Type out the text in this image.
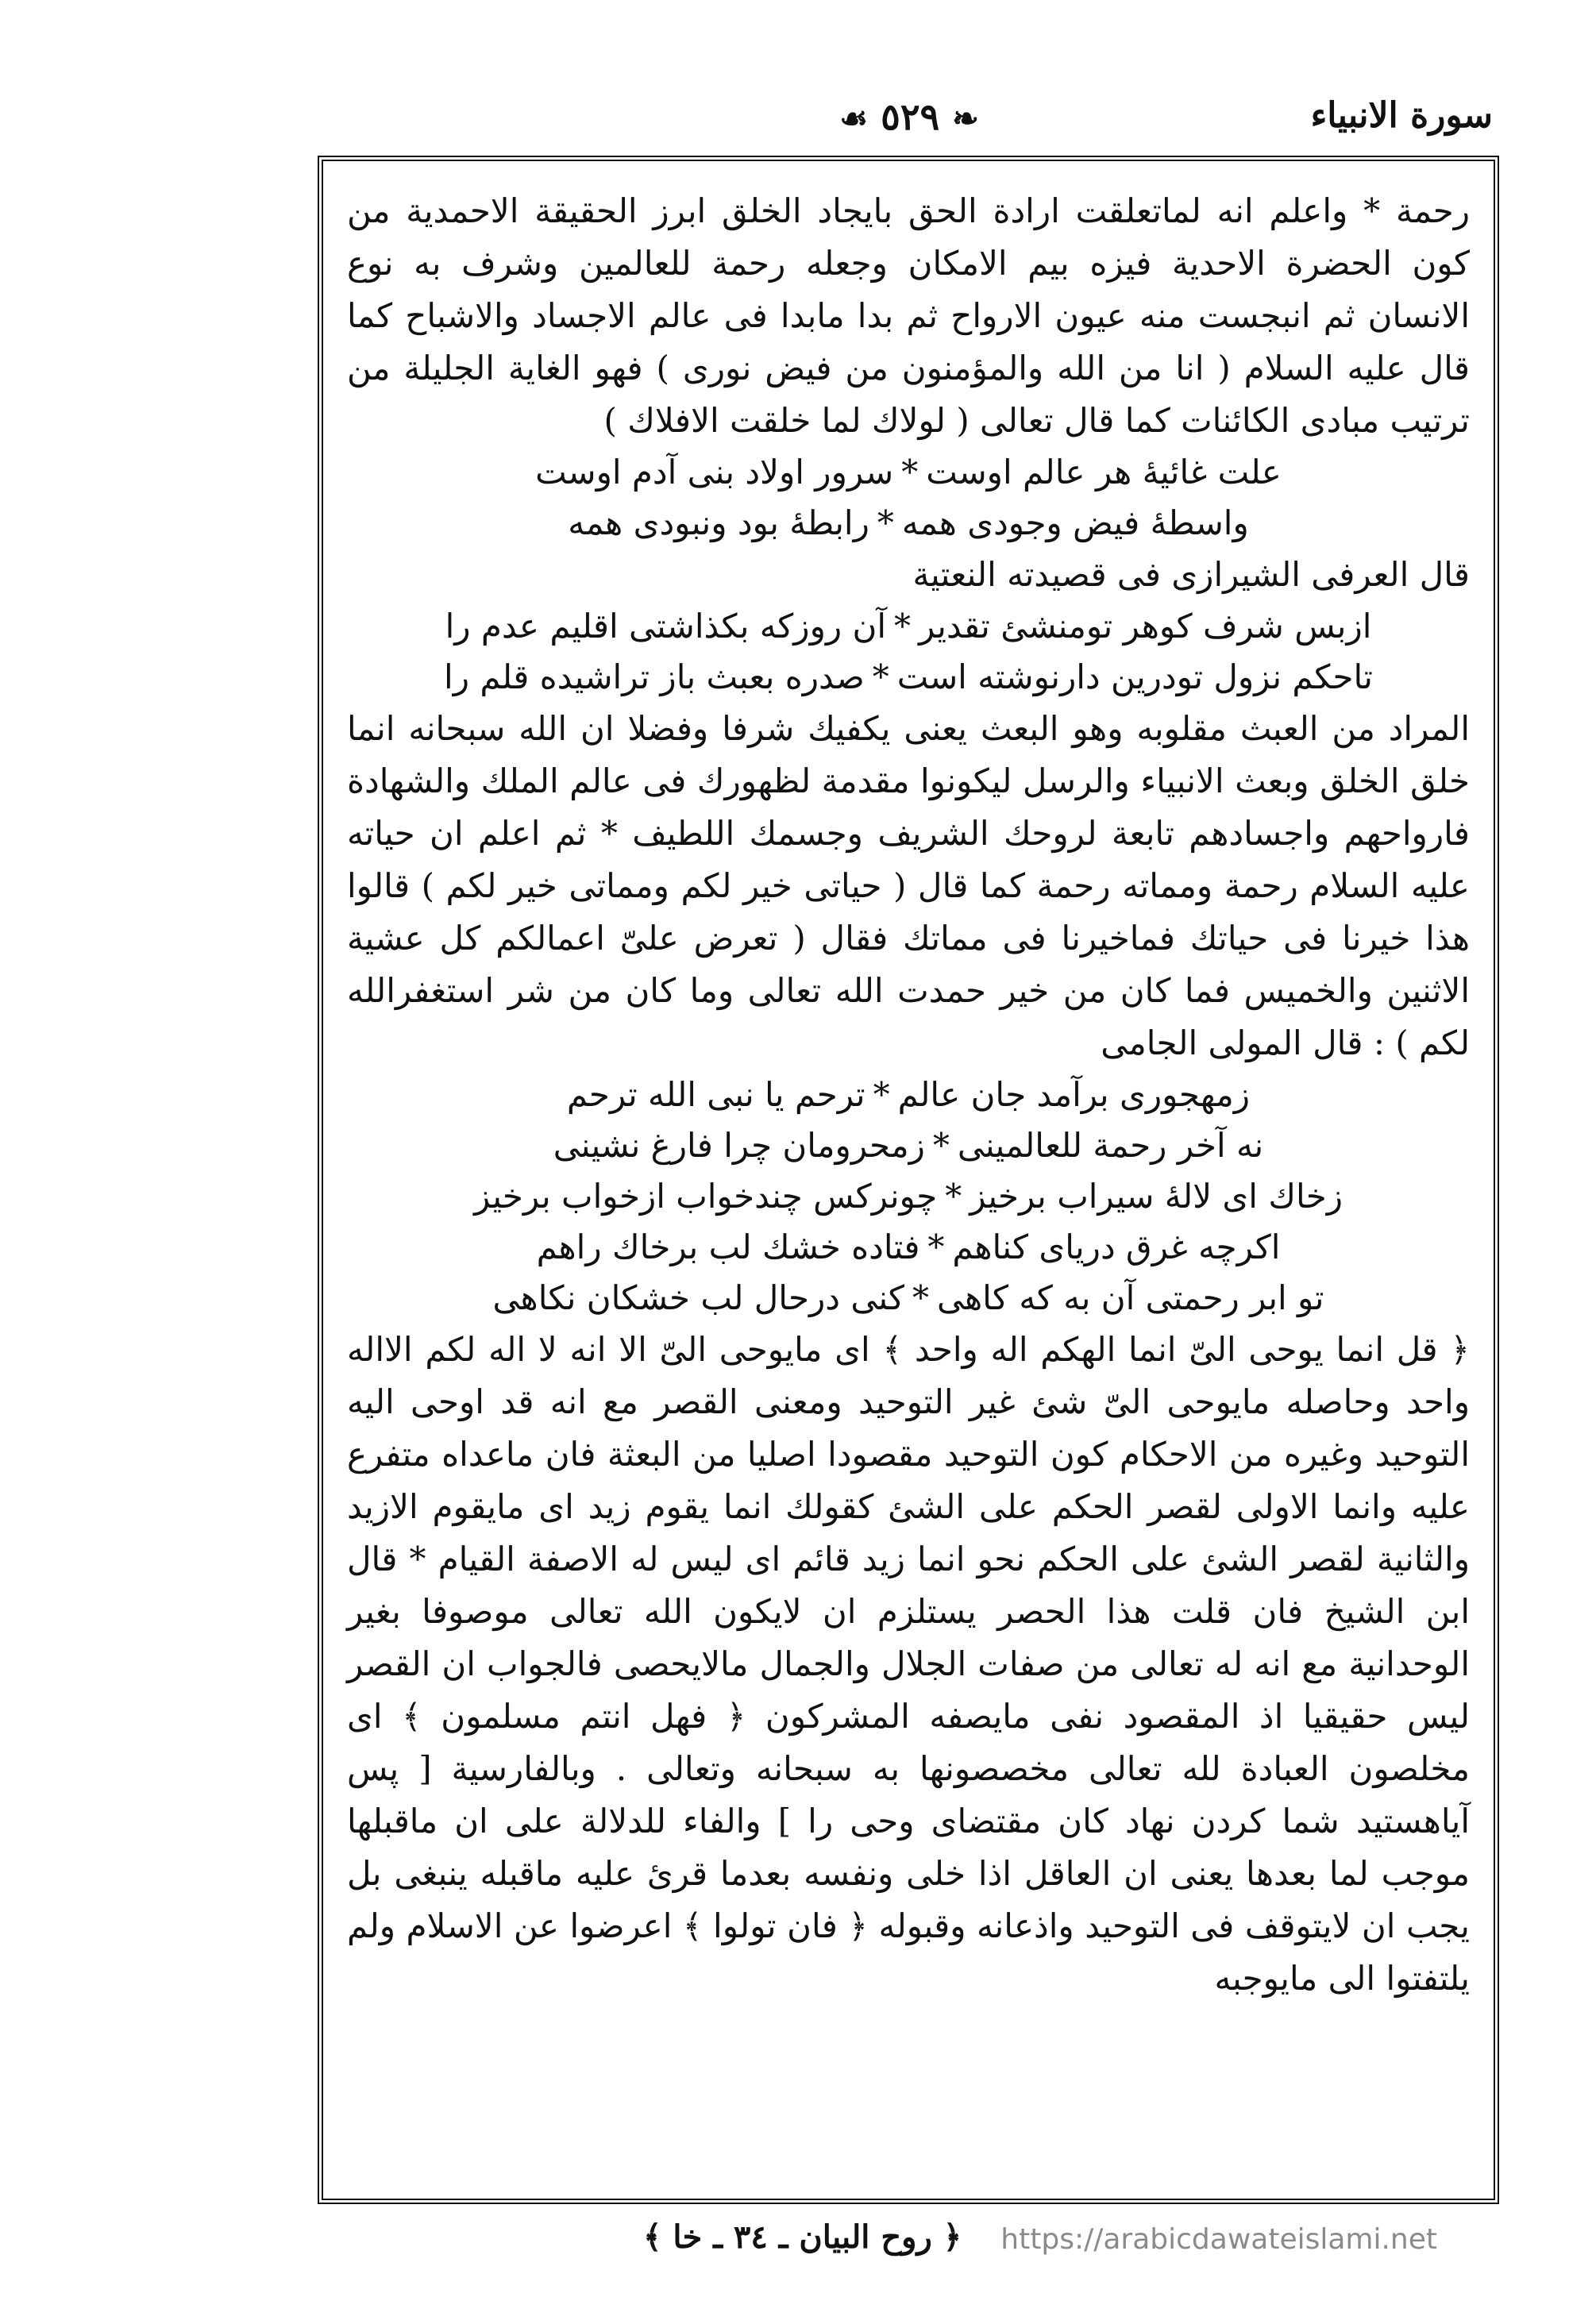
سورة الانبياء
❧ ٥٢٩ ☙

رحمة * واعلم انه لماتعلقت ارادة الحق بايجاد الخلق ابرز الحقيقة الاحمدية من كون الحضرة الاحدية فيزه بيم الامكان وجعله رحمة للعالمين وشرف به نوع الانسان ثم انبجست منه عيون الارواح ثم بدا مابدا فى عالم الاجساد والاشباح كما قال عليه السلام ( انا من الله والمؤمنون من فيض نورى ) فهو الغاية الجليلة من ترتيب مبادى الكائنات كما قال تعالى ( لولاك لما خلقت الافلاك )

علت غائيهٔ هر عالم اوست*سرور اولاد بنى آدم اوست
واسطهٔ فيض وجودى همه*رابطهٔ بود ونبودى همه

قال العرفى الشيرازى فى قصيدته النعتية

ازبس شرف كوهر تومنشئ تقدير*آن روزكه بكذاشتى اقليم عدم را
تاحكم نزول تودرين دارنوشته است*صدره بعبث باز تراشيده قلم را

المراد من العبث مقلوبه وهو البعث يعنى يكفيك شرفا وفضلا ان الله سبحانه انما خلق الخلق وبعث الانبياء والرسل ليكونوا مقدمة لظهورك فى عالم الملك والشهادة فارواحهم واجسادهم تابعة لروحك الشريف وجسمك اللطيف * ثم اعلم ان حياته عليه السلام رحمة ومماته رحمة كما قال ( حياتى خير لكم ومماتى خير لكم ) قالوا هذا خيرنا فى حياتك فماخيرنا فى مماتك فقال ( تعرض علىّ اعمالكم كل عشية الاثنين والخميس فما كان من خير حمدت الله تعالى وما كان من شر استغفرالله لكم ) : قال المولى الجامى

زمهجورى برآمد جان عالم*ترحم يا نبى الله ترحم
نه آخر رحمة للعالمينى*زمحرومان چرا فارغ نشينى
زخاك اى لالهٔ سيراب برخيز*چونركس چندخواب ازخواب برخيز
اكرچه غرق درياى كناهم*فتاده خشك لب برخاك راهم
تو ابر رحمتى آن به كه كاهى*كنى درحال لب خشكان نكاهى

﴿ قل انما يوحى الىّ انما الهكم اله واحد ﴾ اى مايوحى الىّ الا انه لا اله لكم الااله واحد وحاصله مايوحى الىّ شئ غير التوحيد ومعنى القصر مع انه قد اوحى اليه التوحيد وغيره من الاحكام كون التوحيد مقصودا اصليا من البعثة فان ماعداه متفرع عليه وانما الاولى لقصر الحكم على الشئ كقولك انما يقوم زيد اى مايقوم الازيد والثانية لقصر الشئ على الحكم نحو انما زيد قائم اى ليس له الاصفة القيام * قال ابن الشيخ فان قلت هذا الحصر يستلزم ان لايكون الله تعالى موصوفا بغير الوحدانية مع انه له تعالى من صفات الجلال والجمال مالايحصى فالجواب ان القصر ليس حقيقيا اذ المقصود نفى مايصفه المشركون ﴿ فهل انتم مسلمون ﴾ اى مخلصون العبادة لله تعالى مخصصونها به سبحانه وتعالى . وبالفارسية [ پس آياهستيد شما كردن نهاد كان مقتضاى وحى را ] والفاء للدلالة على ان ماقبلها موجب لما بعدها يعنى ان العاقل اذا خلى ونفسه بعدما قرئ عليه ماقبله ينبغى بل يجب ان لايتوقف فى التوحيد واذعانه وقبوله ﴿ فان تولوا ﴾ اعرضوا عن الاسلام ولم يلتفتوا الى مايوجبه

﴿ روح البيان ـ ٣٤ ـ خا ﴾ https://arabicdawateislami.net
